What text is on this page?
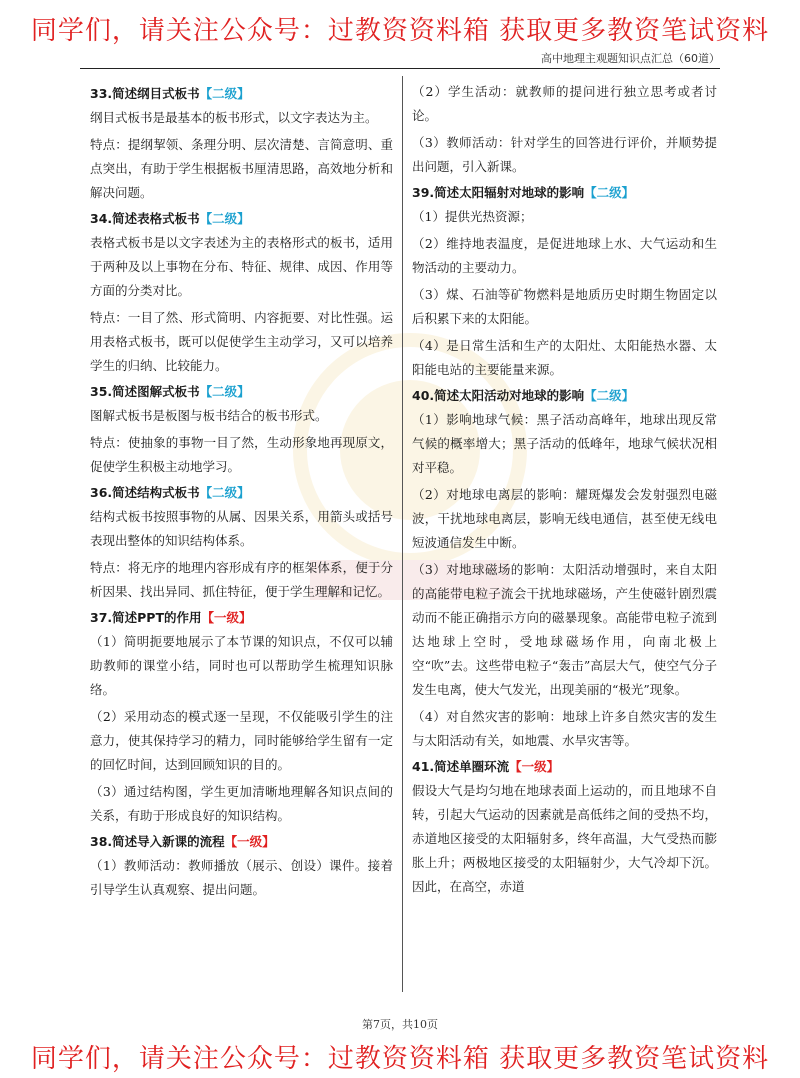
同学们，请关注公众号：过教资资料箱 获取更多教资笔试资料
高中地理主观题知识点汇总（60道）
33.简述纲目式板书【二级】

纲目式板书是最基本的板书形式，以文字表达为主。

特点：提纲挈领、条理分明、层次清楚、言简意明、重点突出，有助于学生根据板书厘清思路，高效地分析和解决问题。

34.简述表格式板书【二级】

表格式板书是以文字表述为主的表格形式的板书，适用于两种及以上事物在分布、特征、规律、成因、作用等方面的分类对比。

特点：一目了然、形式简明、内容扼要、对比性强。运用表格式板书，既可以促使学生主动学习，又可以培养学生的归纳、比较能力。

35.简述图解式板书【二级】

图解式板书是板图与板书结合的板书形式。

特点：使抽象的事物一目了然，生动形象地再现原文，促使学生积极主动地学习。

36.简述结构式板书【二级】

结构式板书按照事物的从属、因果关系，用箭头或括号表现出整体的知识结构体系。

特点：将无序的地理内容形成有序的框架体系，便于分析因果、找出异同、抓住特征，便于学生理解和记忆。

37.简述PPT的作用【一级】

（1）简明扼要地展示了本节课的知识点，不仅可以辅助教师的课堂小结，同时也可以帮助学生梳理知识脉络。

（2）采用动态的模式逐一呈现，不仅能吸引学生的注意力，使其保持学习的精力，同时能够给学生留有一定的回忆时间，达到回顾知识的目的。

（3）通过结构图，学生更加清晰地理解各知识点间的关系，有助于形成良好的知识结构。

38.简述导入新课的流程【一级】

（1）教师活动：教师播放（展示、创设）课件。接着引导学生认真观察、提出问题。

（2）学生活动：就教师的提问进行独立思考或者讨论。

（3）教师活动：针对学生的回答进行评价，并顺势提出问题，引入新课。

39.简述太阳辐射对地球的影响【二级】

（1）提供光热资源；

（2）维持地表温度，是促进地球上水、大气运动和生物活动的主要动力。

（3）煤、石油等矿物燃料是地质历史时期生物固定以后积累下来的太阳能。

（4）是日常生活和生产的太阳灶、太阳能热水器、太阳能电站的主要能量来源。

40.简述太阳活动对地球的影响【二级】

（1）影响地球气候：黑子活动高峰年，地球出现反常气候的概率增大；黑子活动的低峰年，地球气候状况相对平稳。

（2）对地球电离层的影响：耀斑爆发会发射强烈电磁波，干扰地球电离层，影响无线电通信，甚至使无线电短波通信发生中断。

（3）对地球磁场的影响：太阳活动增强时，来自太阳的高能带电粒子流会干扰地球磁场，产生使磁针剧烈震动而不能正确指示方向的磁暴现象。高能带电粒子流到达地球上空时，受地球磁场作用，向南北极上空“吹”去。这些带电粒子“轰击”高层大气，使空气分子发生电离，使大气发光，出现美丽的“极光”现象。

（4）对自然灾害的影响：地球上许多自然灾害的发生与太阳活动有关，如地震、水旱灾害等。

41.简述单圈环流【一级】

假设大气是均匀地在地球表面上运动的，而且地球不自转，引起大气运动的因素就是高低纬之间的受热不均，赤道地区接受的太阳辐射多，终年高温，大气受热而膨胀上升；两极地区接受的太阳辐射少，大气冷却下沉。因此，在高空，赤道

第7页，共10页
同学们，请关注公众号：过教资资料箱 获取更多教资笔试资料
